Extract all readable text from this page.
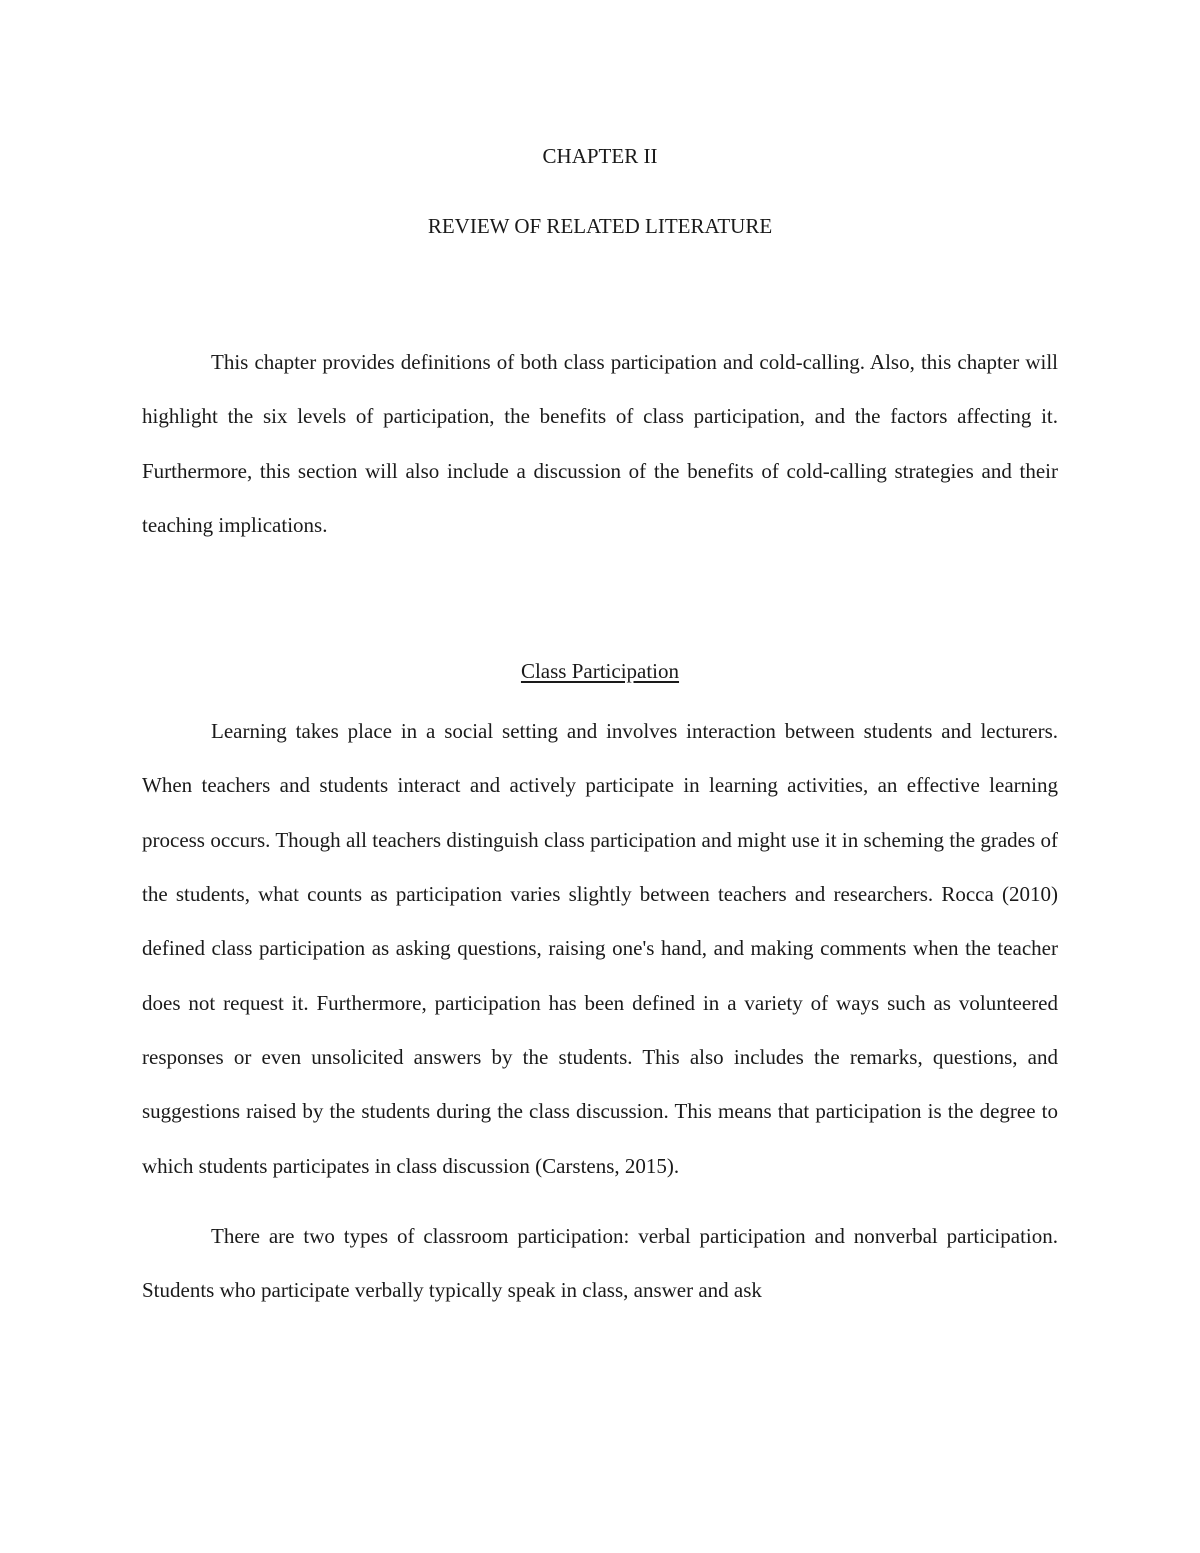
CHAPTER II

REVIEW OF RELATED LITERATURE

This chapter provides definitions of both class participation and cold-calling. Also, this chapter will highlight the six levels of participation, the benefits of class participation, and the factors affecting it. Furthermore, this section will also include a discussion of the benefits of cold-calling strategies and their teaching implications.

Class Participation

Learning takes place in a social setting and involves interaction between students and lecturers. When teachers and students interact and actively participate in learning activities, an effective learning process occurs. Though all teachers distinguish class participation and might use it in scheming the grades of the students, what counts as participation varies slightly between teachers and researchers. Rocca (2010) defined class participation as asking questions, raising one's hand, and making comments when the teacher does not request it. Furthermore, participation has been defined in a variety of ways such as volunteered responses or even unsolicited answers by the students. This also includes the remarks, questions, and suggestions raised by the students during the class discussion. This means that participation is the degree to which students participates in class discussion (Carstens, 2015).

There are two types of classroom participation: verbal participation and nonverbal participation. Students who participate verbally typically speak in class, answer and ask
